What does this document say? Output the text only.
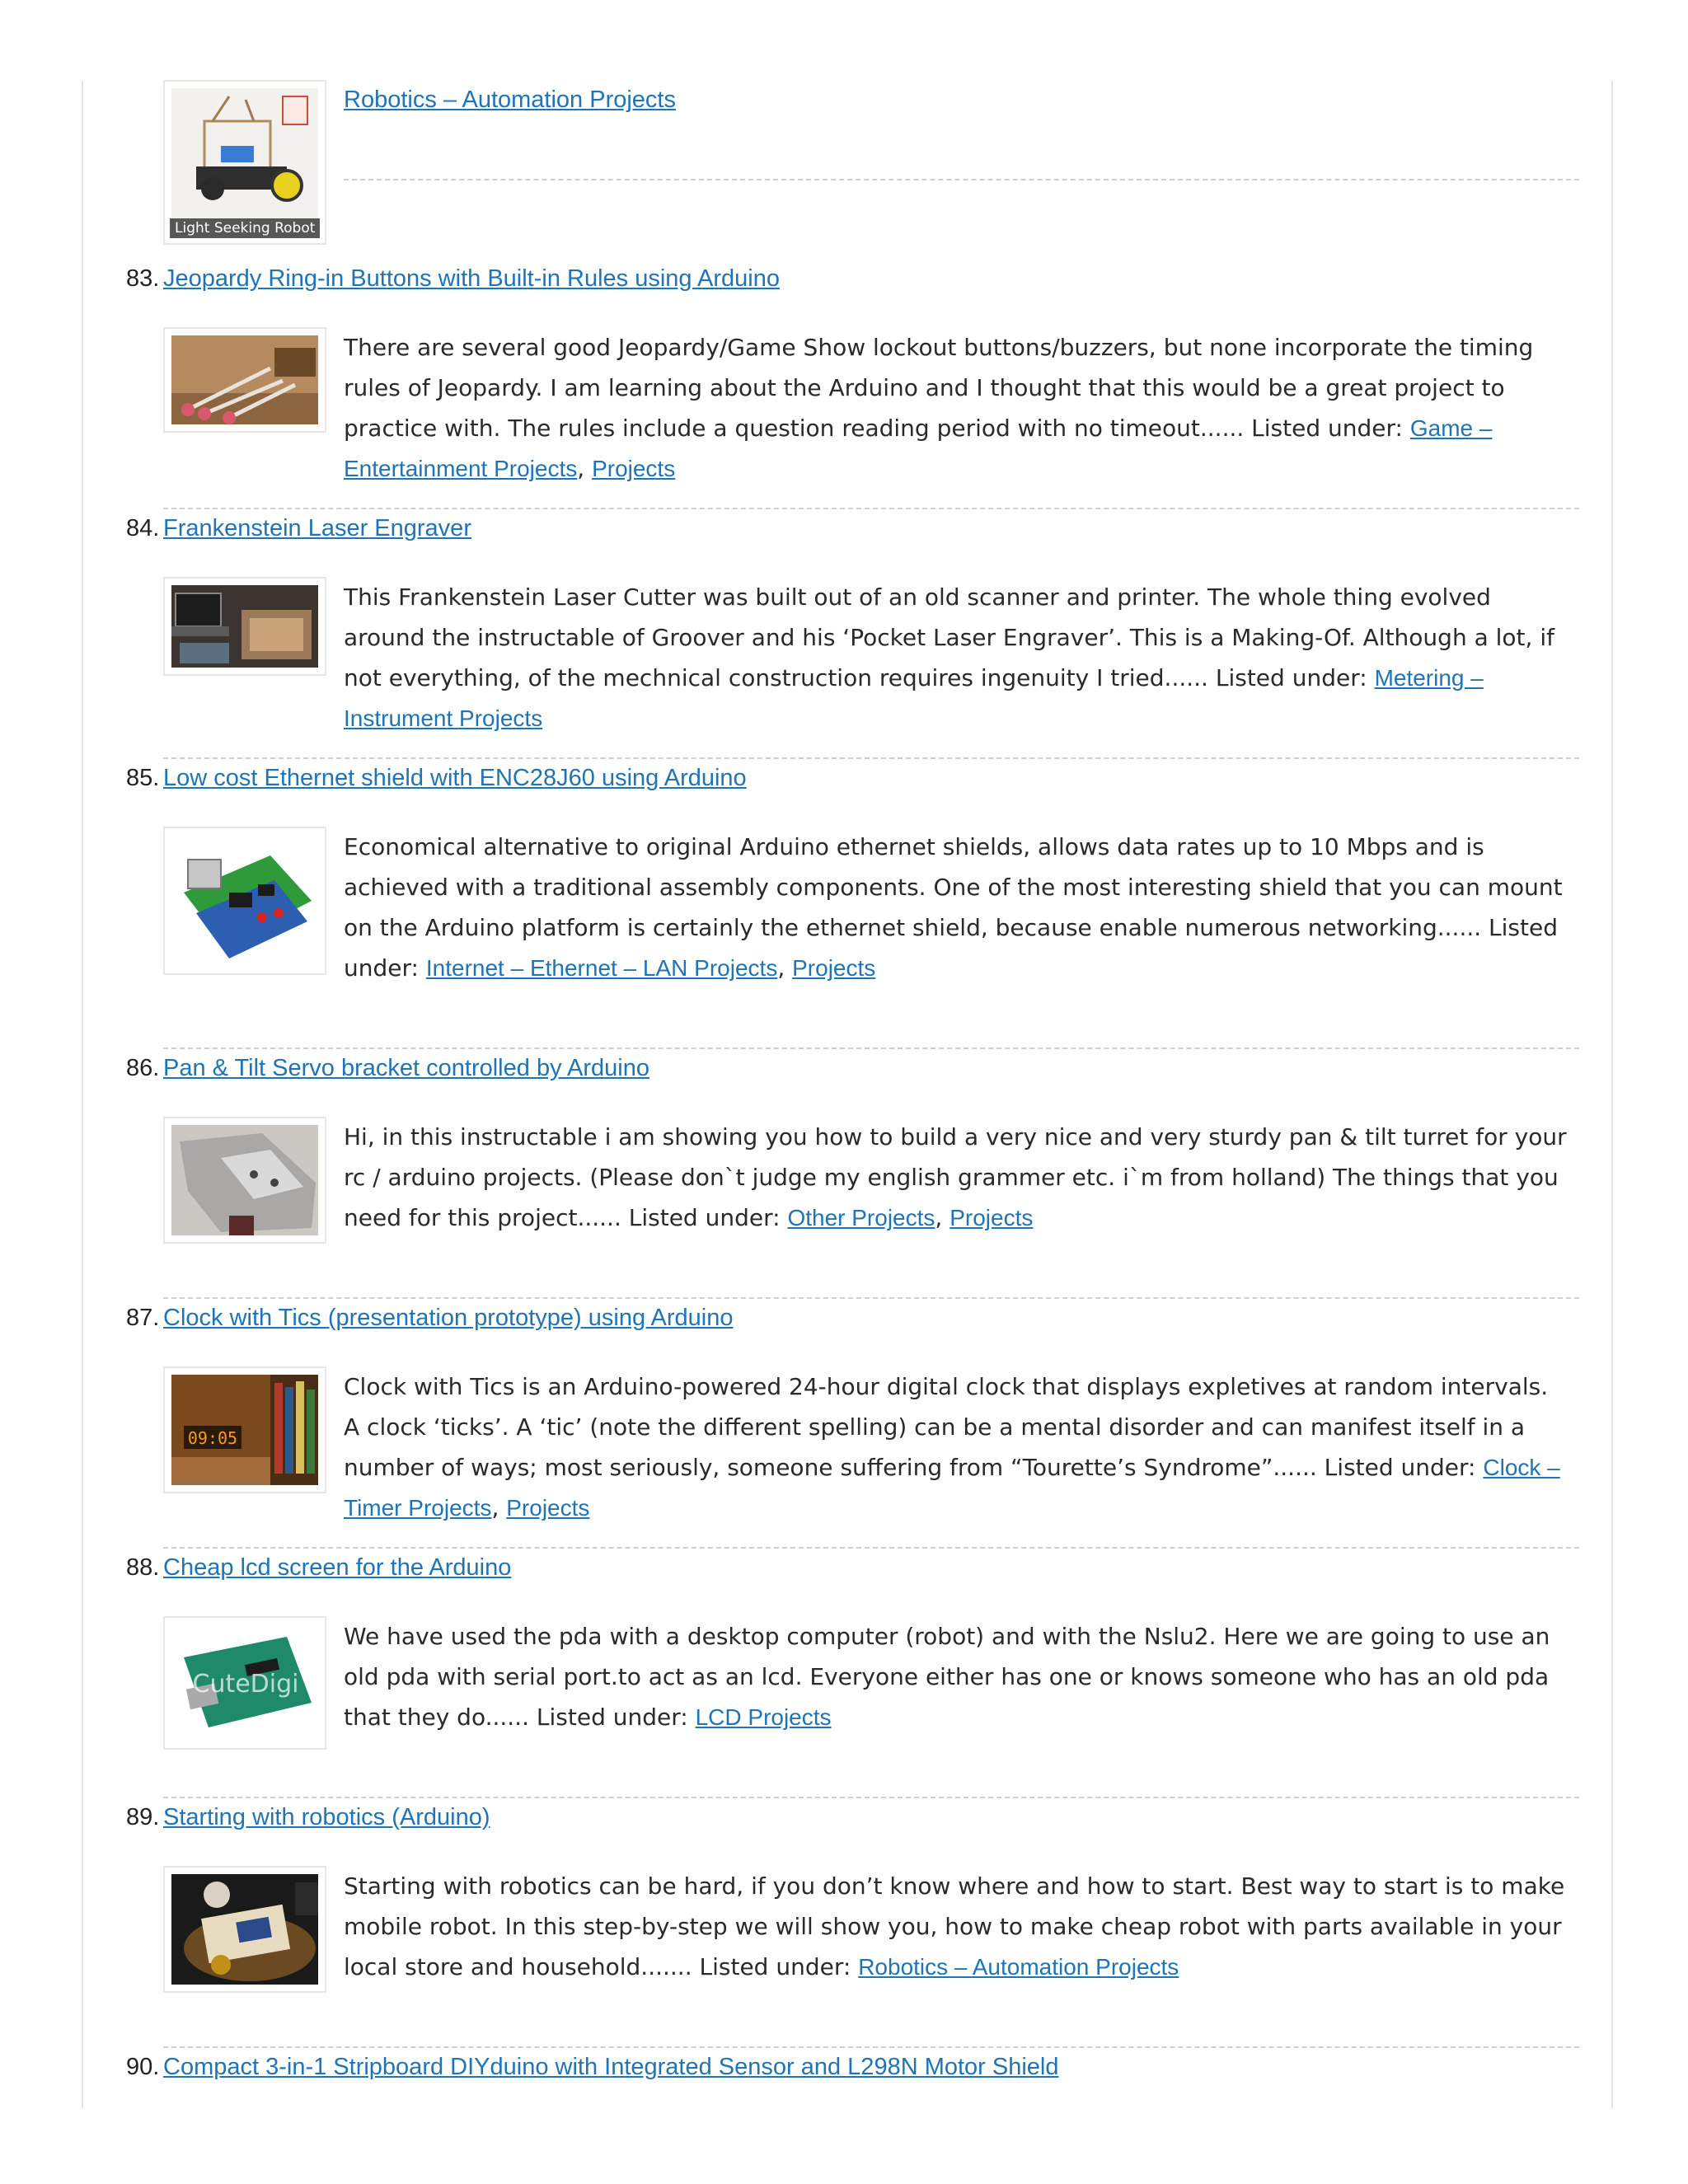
Light Seeking Robot
Robotics – Automation Projects
83. Jeopardy Ring-in Buttons with Built-in Rules using Arduino
There are several good Jeopardy/Game Show lockout buttons/buzzers, but none incorporate the timing rules of Jeopardy. I am learning about the Arduino and I thought that this would be a great project to practice with. The rules include a question reading period with no timeout...... Listed under: Game – Entertainment Projects, Projects
84. Frankenstein Laser Engraver
This Frankenstein Laser Cutter was built out of an old scanner and printer. The whole thing evolved around the instructable of Groover and his ‘Pocket Laser Engraver’. This is a Making-Of. Although a lot, if not everything, of the mechnical construction requires ingenuity I tried...... Listed under: Metering – Instrument Projects
85. Low cost Ethernet shield with ENC28J60 using Arduino
Economical alternative to original Arduino ethernet shields, allows data rates up to 10 Mbps and is achieved with a traditional assembly components. One of the most interesting shield that you can mount on the Arduino platform is certainly the ethernet shield, because enable numerous networking...... Listed under: Internet – Ethernet – LAN Projects, Projects
86. Pan & Tilt Servo bracket controlled by Arduino
Hi, in this instructable i am showing you how to build a very nice and very sturdy pan & tilt turret for your rc / arduino projects. (Please don`t judge my english grammer etc. i`m from holland) The things that you need for this project...... Listed under: Other Projects, Projects
87. Clock with Tics (presentation prototype) using Arduino
09:05
Clock with Tics is an Arduino-powered 24-hour digital clock that displays expletives at random intervals. A clock ‘ticks’. A ‘tic’ (note the different spelling) can be a mental disorder and can manifest itself in a number of ways; most seriously, someone suffering from “Tourette’s Syndrome”...... Listed under: Clock – Timer Projects, Projects
88. Cheap lcd screen for the Arduino
CuteDigi
We have used the pda with a desktop computer (robot) and with the Nslu2. Here we are going to use an old pda with serial port.to act as an lcd. Everyone either has one or knows someone who has an old pda that they do...... Listed under: LCD Projects
89. Starting with robotics (Arduino)
Starting with robotics can be hard, if you don’t know where and how to start. Best way to start is to make mobile robot. In this step-by-step we will show you, how to make cheap robot with parts available in your local store and household....... Listed under: Robotics – Automation Projects
90. Compact 3-in-1 Stripboard DIYduino with Integrated Sensor and L298N Motor Shield
